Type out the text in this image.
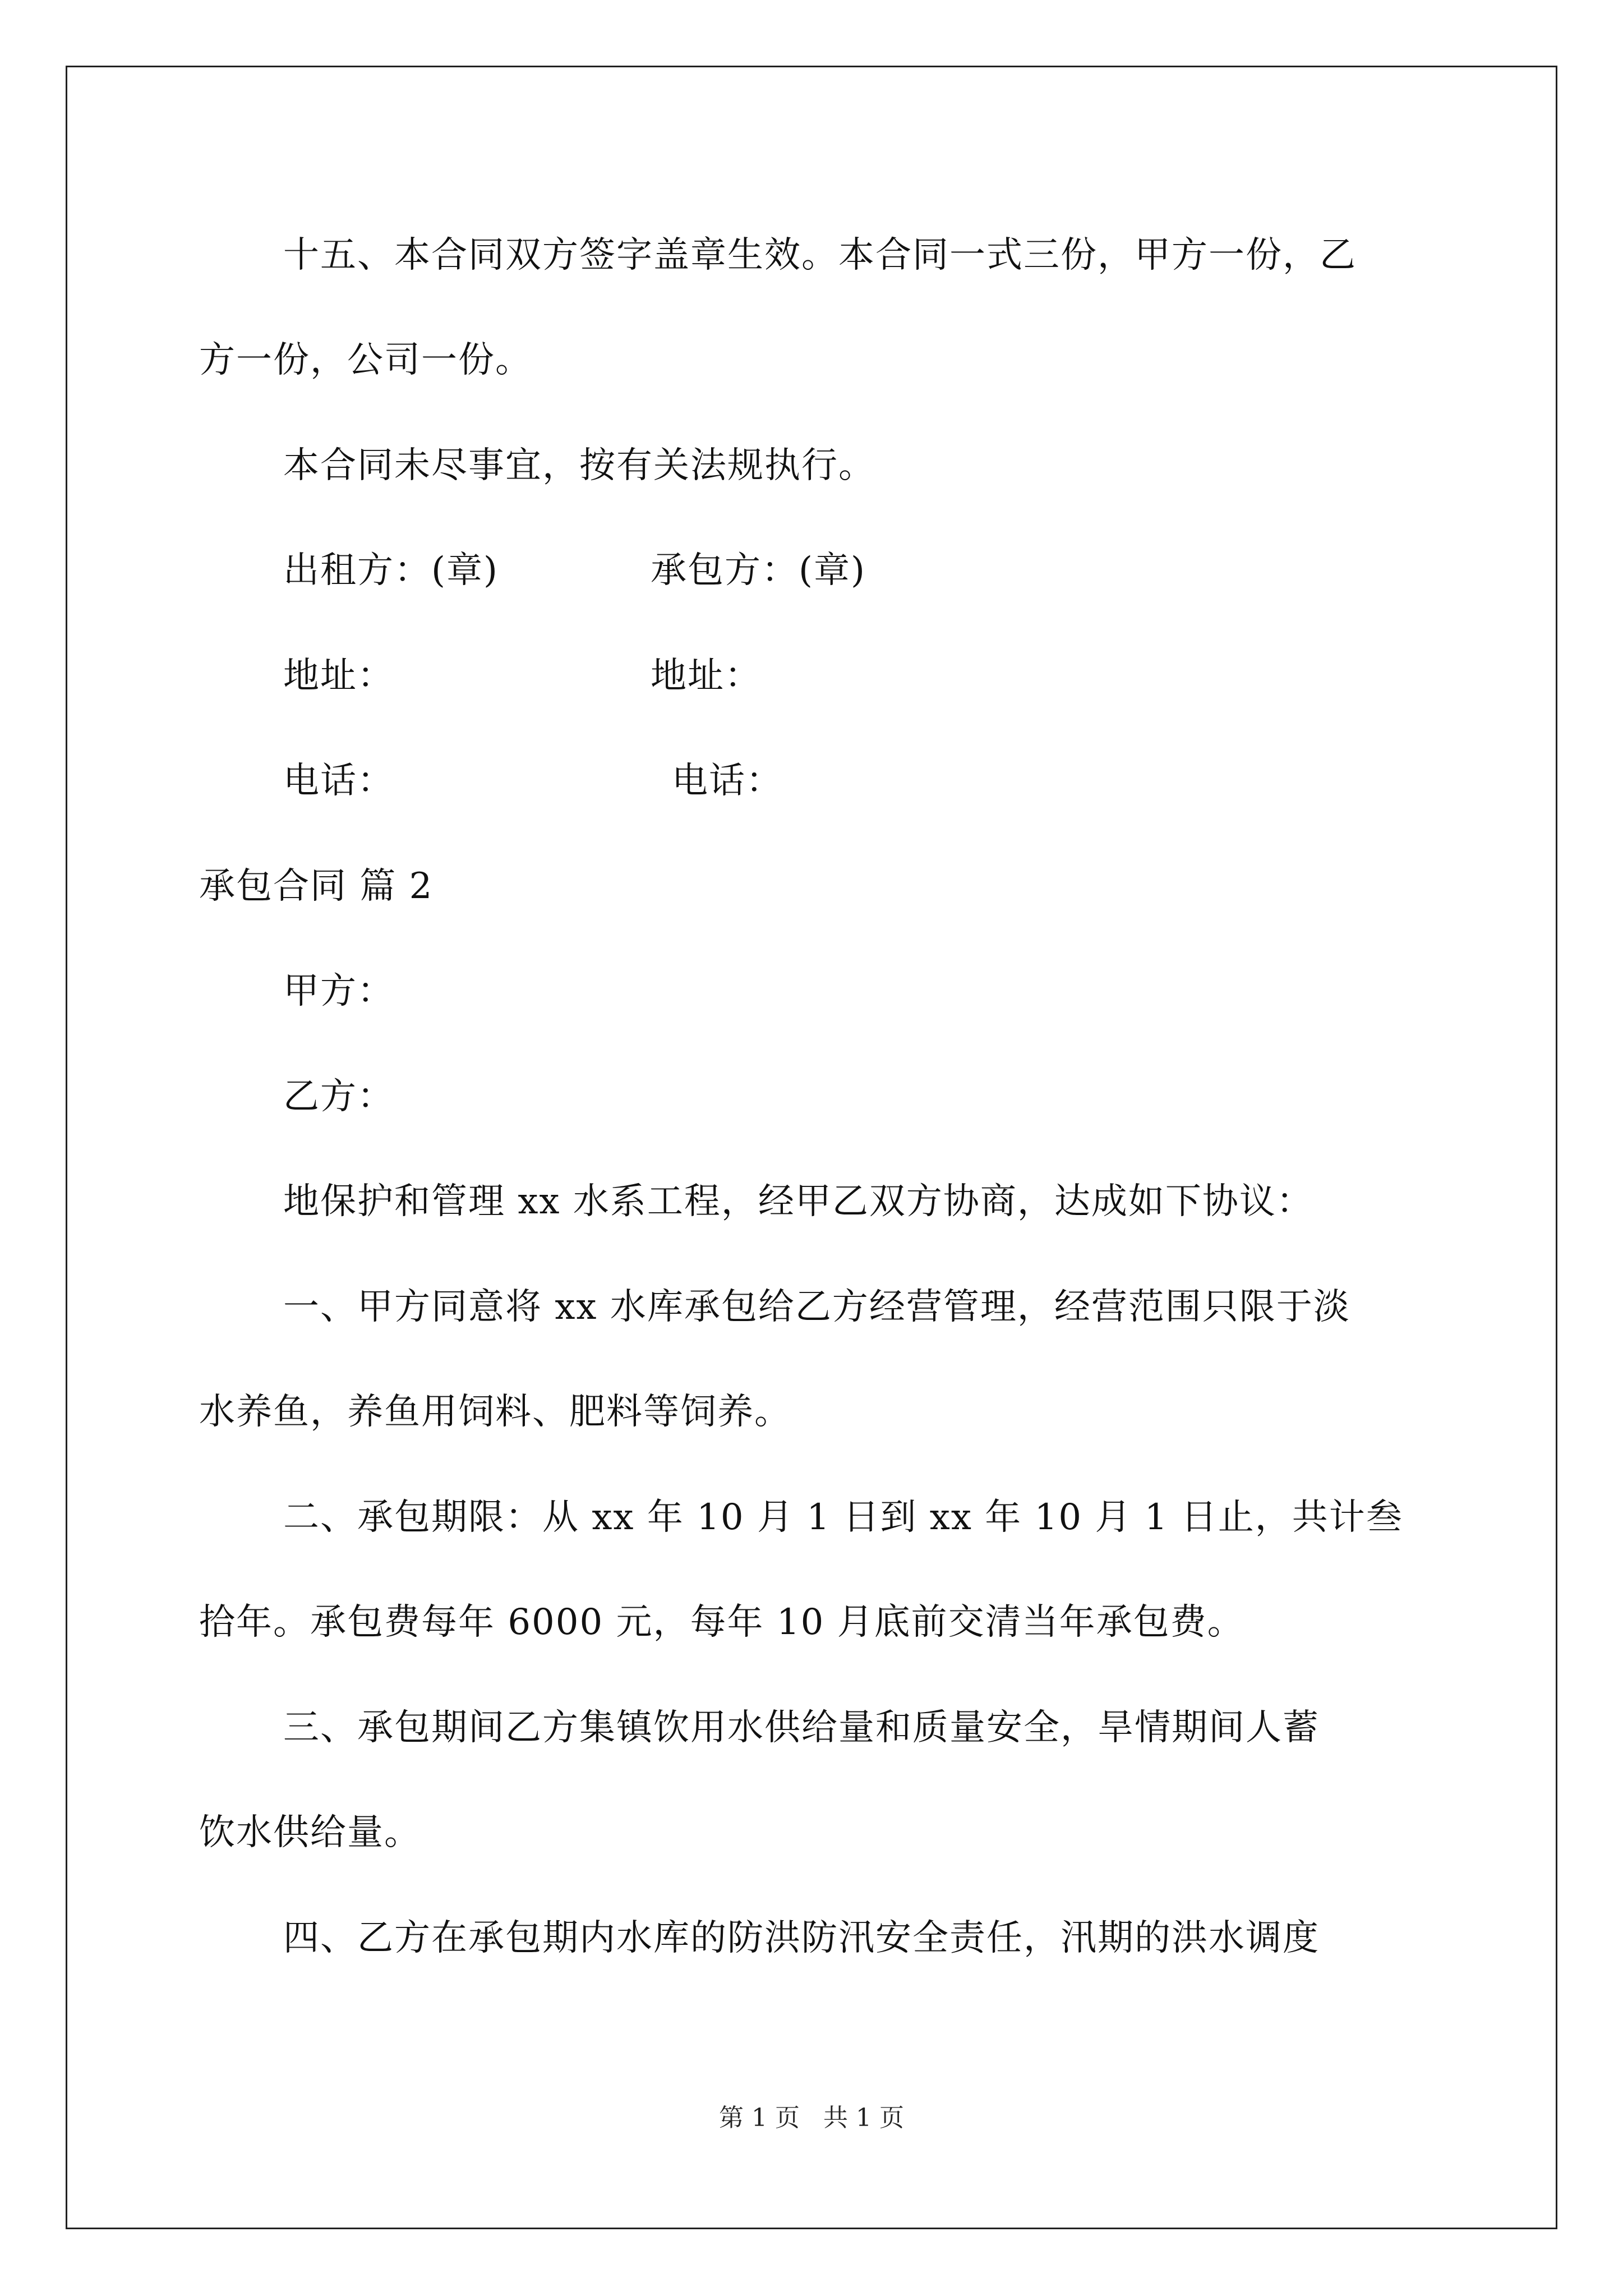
十五、本合同双方签字盖章生效。本合同一式三份，甲方一份，乙
方一份，公司一份。
本合同未尽事宜，按有关法规执行。
出租方：(章)	承包方：(章)
地址：	地址：
电话：	电话：
承包合同 篇 2
甲方：
乙方：
地保护和管理 xx 水系工程，经甲乙双方协商，达成如下协议：
一、甲方同意将 xx 水库承包给乙方经营管理，经营范围只限于淡
水养鱼，养鱼用饲料、肥料等饲养。
二、承包期限：从 xx 年 10 月 1 日到 xx 年 10 月 1 日止，共计叁
拾年。承包费每年 6000 元，每年 10 月底前交清当年承包费。
三、承包期间乙方集镇饮用水供给量和质量安全，旱情期间人蓄
饮水供给量。
四、乙方在承包期内水库的防洪防汛安全责任，汛期的洪水调度
第 1 页 共 1 页
